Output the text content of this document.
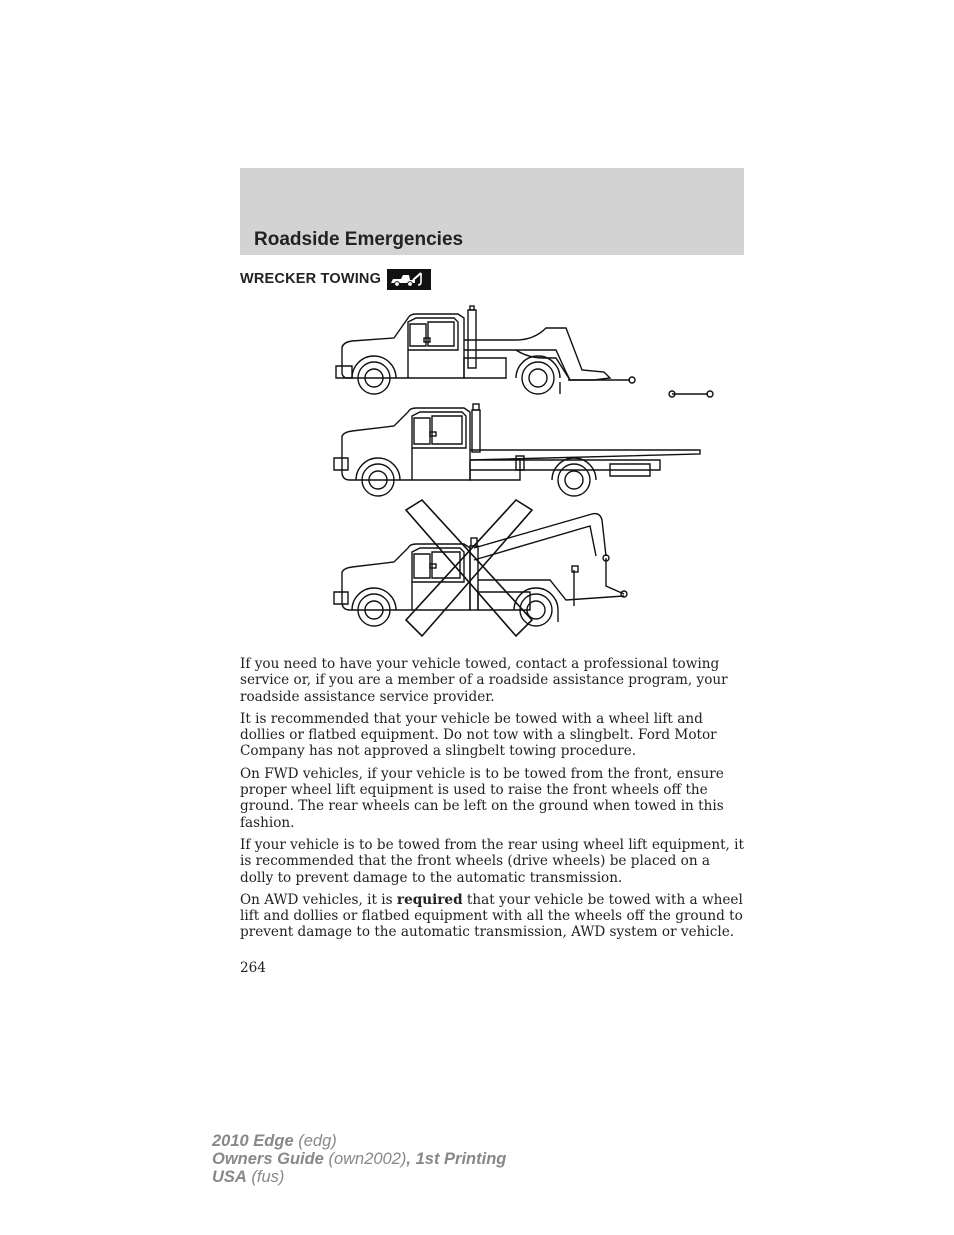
Roadside Emergencies
WRECKER TOWING

If you need to have your vehicle towed, contact a professional towing service or, if you are a member of a roadside assistance program, your roadside assistance service provider.

It is recommended that your vehicle be towed with a wheel lift and dollies or flatbed equipment. Do not tow with a slingbelt. Ford Motor Company has not approved a slingbelt towing procedure.

On FWD vehicles, if your vehicle is to be towed from the front, ensure proper wheel lift equipment is used to raise the front wheels off the ground. The rear wheels can be left on the ground when towed in this fashion.

If your vehicle is to be towed from the rear using wheel lift equipment, it is recommended that the front wheels (drive wheels) be placed on a dolly to prevent damage to the automatic transmission.

On AWD vehicles, it is required that your vehicle be towed with a wheel lift and dollies or flatbed equipment with all the wheels off the ground to prevent damage to the automatic transmission, AWD system or vehicle.

264
2010 Edge (edg)
Owners Guide (own2002), 1st Printing
USA (fus)
